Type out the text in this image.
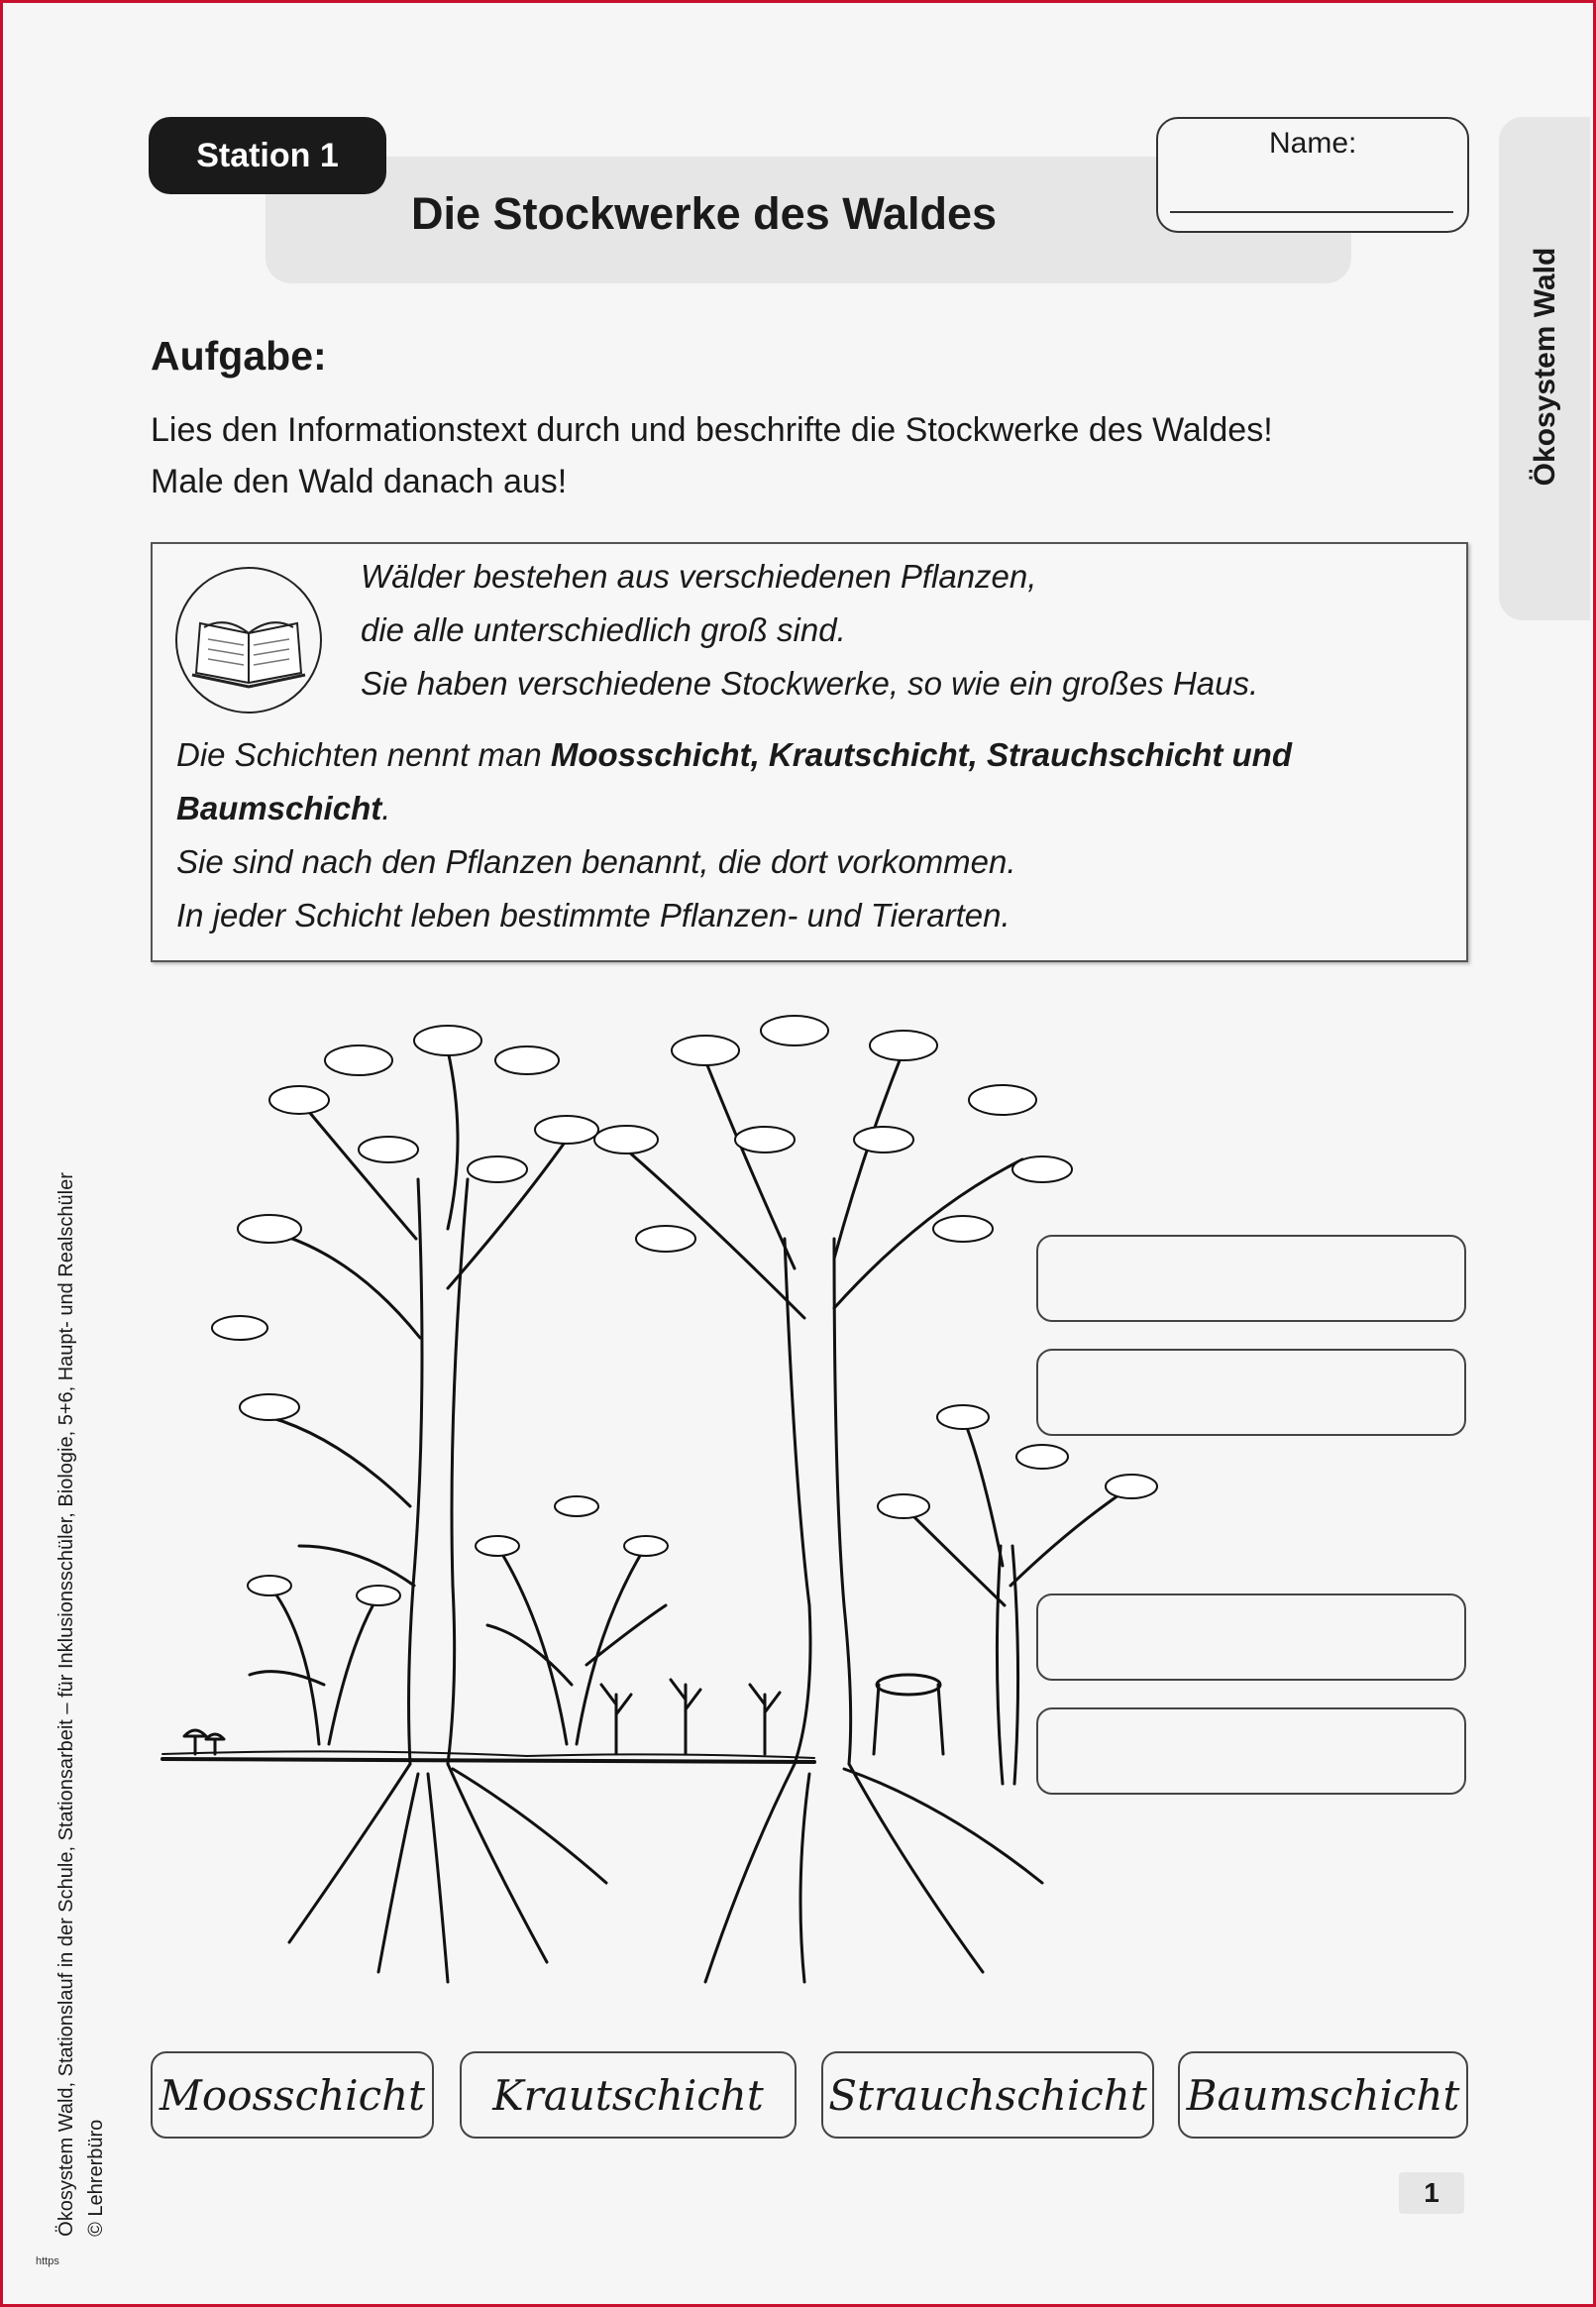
Station 1
Die Stockwerke des Waldes
Name:
Ökosystem Wald
Aufgabe:
Lies den Informationstext durch und beschrifte die Stockwerke des Waldes!
Male den Wald danach aus!
Wälder bestehen aus verschiedenen Pflanzen,
die alle unterschiedlich groß sind.
Sie haben verschiedene Stockwerke, so wie ein großes Haus.
Die Schichten nennt man Moosschicht, Krautschicht, Strauchschicht und
Baumschicht.
Sie sind nach den Pflanzen benannt, die dort vorkommen.
In jeder Schicht leben bestimmte Pflanzen- und Tierarten.
Moosschicht	Krautschicht	Strauchschicht Baumschicht
Ökosystem Wald, Stationslauf in der Schule, Stationsarbeit – für Inklusionsschüler, Biologie, 5+6, Haupt- und Realschüler © Lehrerbüro	1
https
